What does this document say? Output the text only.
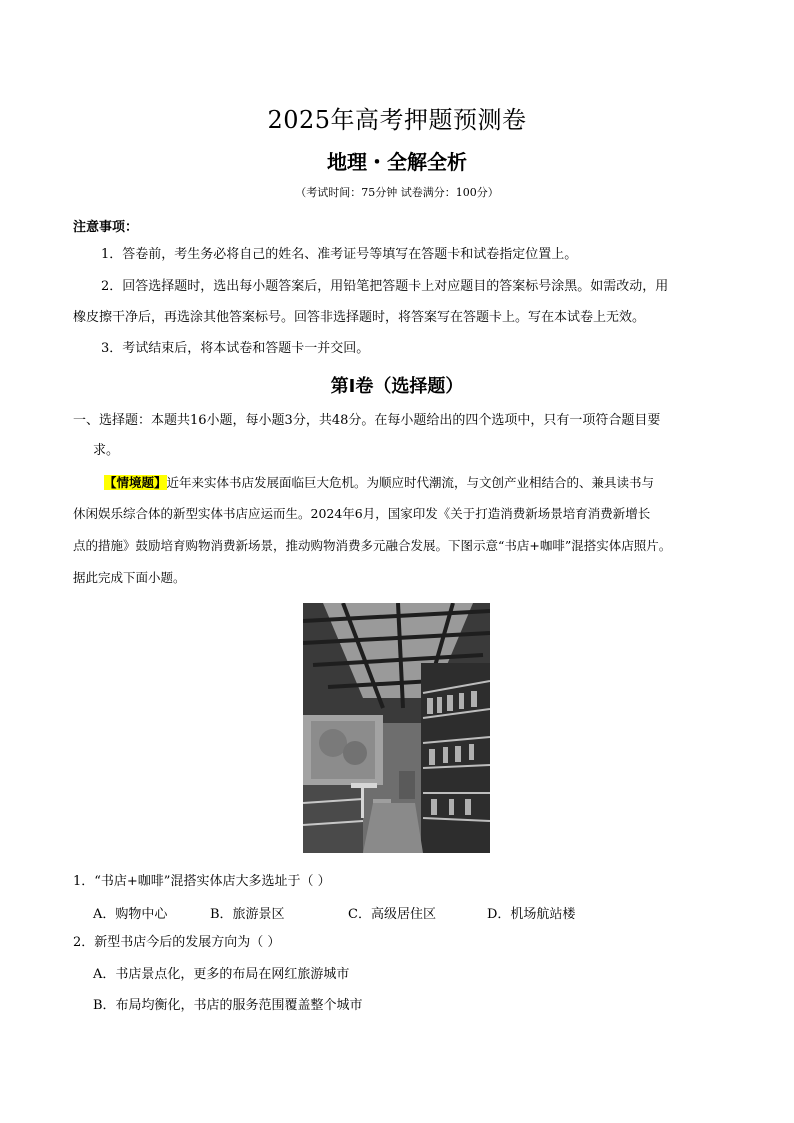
2025年高考押题预测卷
地理・全解全析
（考试时间：75分钟 试卷满分：100分）
注意事项：
1．答卷前，考生务必将自己的姓名、准考证号等填写在答题卡和试卷指定位置上。
2．回答选择题时，选出每小题答案后，用铅笔把答题卡上对应题目的答案标号涂黑。如需改动，用
橡皮擦干净后，再选涂其他答案标号。回答非选择题时，将答案写在答题卡上。写在本试卷上无效。
3．考试结束后，将本试卷和答题卡一并交回。
第Ⅰ卷（选择题）
一、选择题：本题共16小题，每小题3分，共48分。在每小题给出的四个选项中，只有一项符合题目要
求。
【情境题】近年来实体书店发展面临巨大危机。为顺应时代潮流，与文创产业相结合的、兼具读书与
休闲娱乐综合体的新型实体书店应运而生。2024年6月，国家印发《关于打造消费新场景培育消费新增长
点的措施》鼓励培育购物消费新场景，推动购物消费多元融合发展。下图示意“书店+咖啡”混搭实体店照片。
据此完成下面小题。
1．“书店+咖啡”混搭实体店大多选址于（ ）
A．购物中心	B．旅游景区	C．高级居住区	D．机场航站楼
2．新型书店今后的发展方向为（ ）
A．书店景点化，更多的布局在网红旅游城市
B．布局均衡化，书店的服务范围覆盖整个城市
